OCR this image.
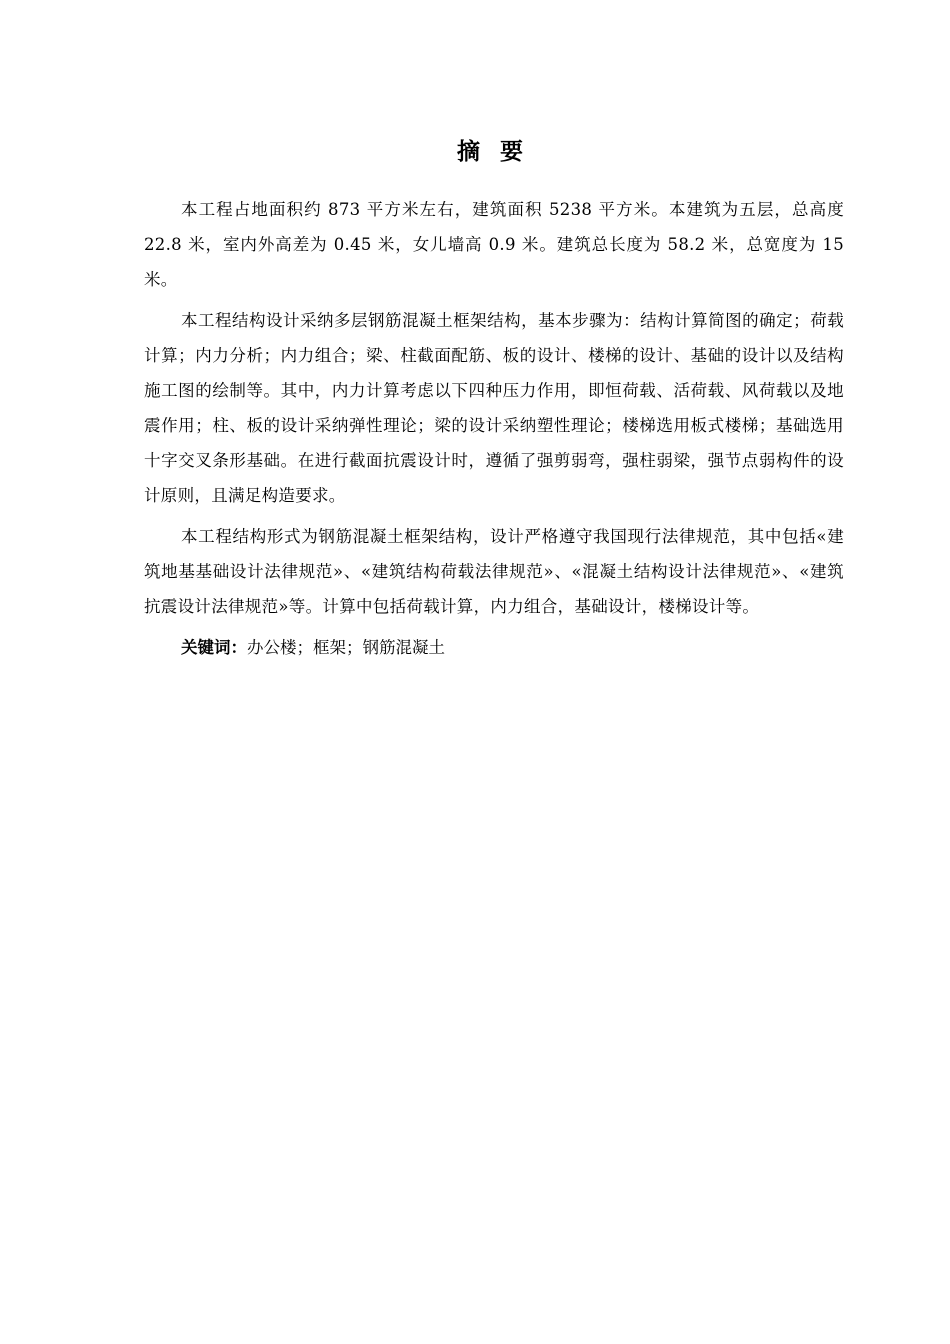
摘 要

本工程占地面积约 873 平方米左右，建筑面积 5238 平方米。本建筑为五层，总高度 22.8 米，室内外高差为 0.45 米，女儿墙高 0.9 米。建筑总长度为 58.2 米，总宽度为 15 米。

本工程结构设计采纳多层钢筋混凝土框架结构，基本步骤为：结构计算简图的确定；荷载计算；内力分析；内力组合；梁、柱截面配筋、板的设计、楼梯的设计、基础的设计以及结构施工图的绘制等。其中，内力计算考虑以下四种压力作用，即恒荷载、活荷载、风荷载以及地震作用；柱、板的设计采纳弹性理论；梁的设计采纳塑性理论；楼梯选用板式楼梯；基础选用十字交叉条形基础。在进行截面抗震设计时，遵循了强剪弱弯，强柱弱梁，强节点弱构件的设计原则，且满足构造要求。

本工程结构形式为钢筋混凝土框架结构，设计严格遵守我国现行法律规范，其中包括«建筑地基基础设计法律规范»、«建筑结构荷载法律规范»、«混凝土结构设计法律规范»、«建筑抗震设计法律规范»等。计算中包括荷载计算，内力组合，基础设计，楼梯设计等。

关键词：办公楼；框架；钢筋混凝土
